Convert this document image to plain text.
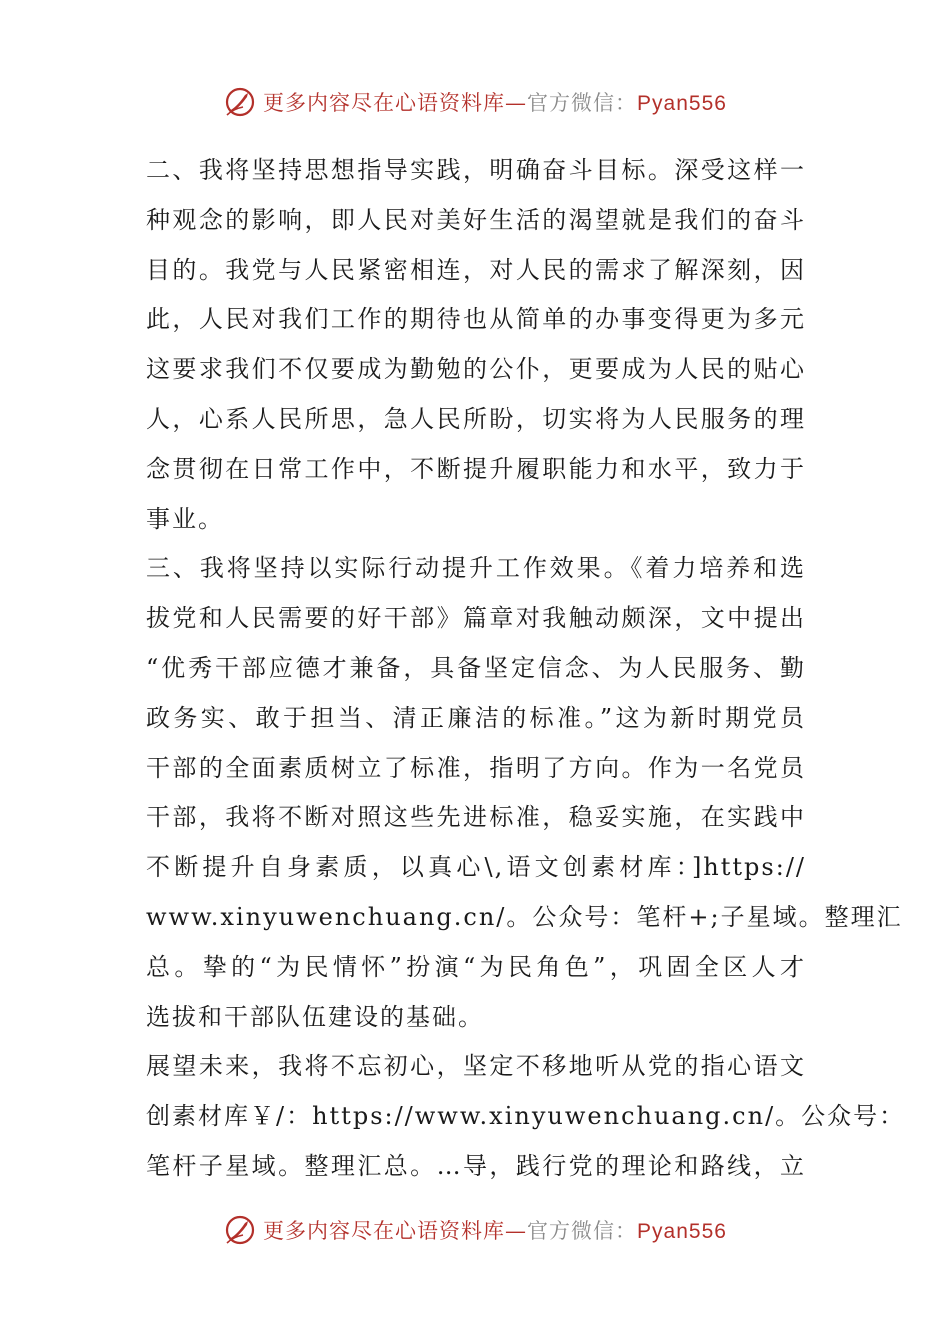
更多内容尽在心语资料库—官方微信：Pyan556
二、我将坚持思想指导实践，明确奋斗目标。深受这样一
种观念的影响，即人民对美好生活的渴望就是我们的奋斗
目的。我党与人民紧密相连，对人民的需求了解深刻，因
此，人民对我们工作的期待也从简单的办事变得更为多元
这要求我们不仅要成为勤勉的公仆，更要成为人民的贴心
人，心系人民所思，急人民所盼，切实将为人民服务的理
念贯彻在日常工作中，不断提升履职能力和水平，致力于
事业。
三、我将坚持以实际行动提升工作效果。《着力培养和选
拔党和人民需要的好干部》篇章对我触动颇深，文中提出
“优秀干部应德才兼备，具备坚定信念、为人民服务、勤
政务实、敢于担当、清正廉洁的标准。”这为新时期党员
干部的全面素质树立了标准，指明了方向。作为一名党员
干部，我将不断对照这些先进标准，稳妥实施，在实践中
不断提升自身素质，以真心\,语文创素材库：]https://
www.xinyuwenchuang.cn/。公众号：笔杆+;子星域。整理汇
总。挚的“为民情怀”扮演“为民角色”，巩固全区人才
选拔和干部队伍建设的基础。
展望未来，我将不忘初心，坚定不移地听从党的指心语文
创素材库￥/：https://www.xinyuwenchuang.cn/。公众号：
笔杆子星域。整理汇总。…导，践行党的理论和路线，立
更多内容尽在心语资料库—官方微信：Pyan556
